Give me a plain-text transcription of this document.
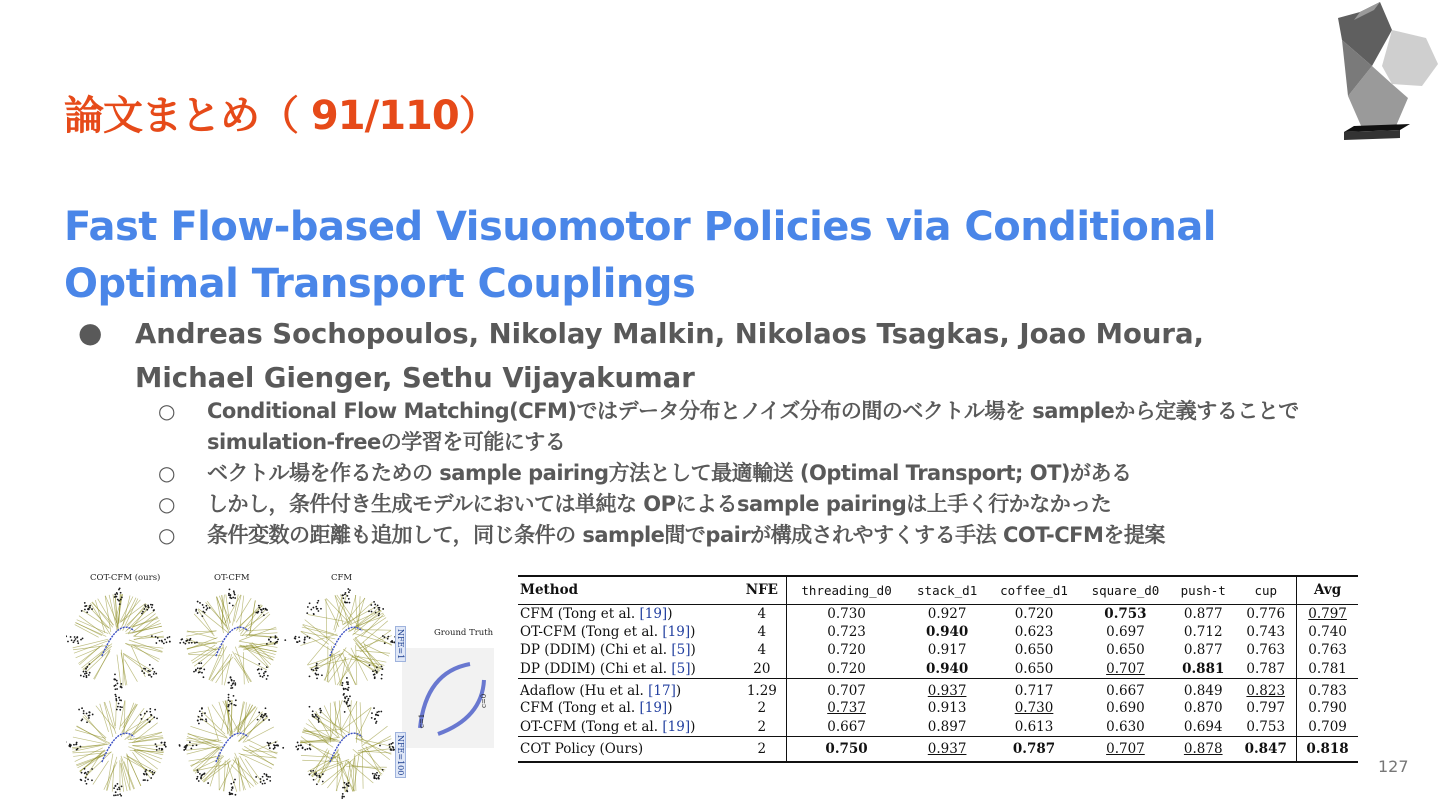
論文まとめ（ 91/110）
Fast Flow-based Visuomotor Policies via Conditional Optimal Transport Couplings
● Andreas Sochopoulos, Nikolay Malkin, Nikolaos Tsagkas, Joao Moura, Michael Gienger, Sethu Vijayakumar
○ Conditional Flow Matching(CFM)ではデータ分布とノイズ分布の間のベクトル場を sampleから定義することでsimulation-freeの学習を可能にする
○ ベクトル場を作るための sample pairing方法として最適輸送 (Optimal Transport; OT)がある
○ しかし，条件付き生成モデルにおいては単純な OPによるsample pairingは上手く行かなかった
○ 条件変数の距離も追加して，同じ条件の sample間でpairが構成されやすくする手法 COT-CFMを提案
COT-CFM (ours)	OT-CFM	CFM
c=0
c=1
NFE=1
NFE=100
Ground Truth
Method	NFE	threading_d0	stack_d1	coffee_d1	square_d0	push-t	cup	Avg
CFM (Tong et al. [19])	4	0.730	0.927	0.720	0.753	0.877	0.776	0.797
OT-CFM (Tong et al. [19])	4	0.723	0.940	0.623	0.697	0.712	0.743	0.740
DP (DDIM) (Chi et al. [5])	4	0.720	0.917	0.650	0.650	0.877	0.763	0.763
DP (DDIM) (Chi et al. [5])	20	0.720	0.940	0.650	0.707	0.881	0.787	0.781
Adaflow (Hu et al. [17])	1.29	0.707	0.937	0.717	0.667	0.849	0.823	0.783
CFM (Tong et al. [19])	2	0.737	0.913	0.730	0.690	0.870	0.797	0.790
OT-CFM (Tong et al. [19])	2	0.667	0.897	0.613	0.630	0.694	0.753	0.709
COT Policy (Ours)	2	0.750	0.937	0.787	0.707	0.878	0.847	0.818
127
